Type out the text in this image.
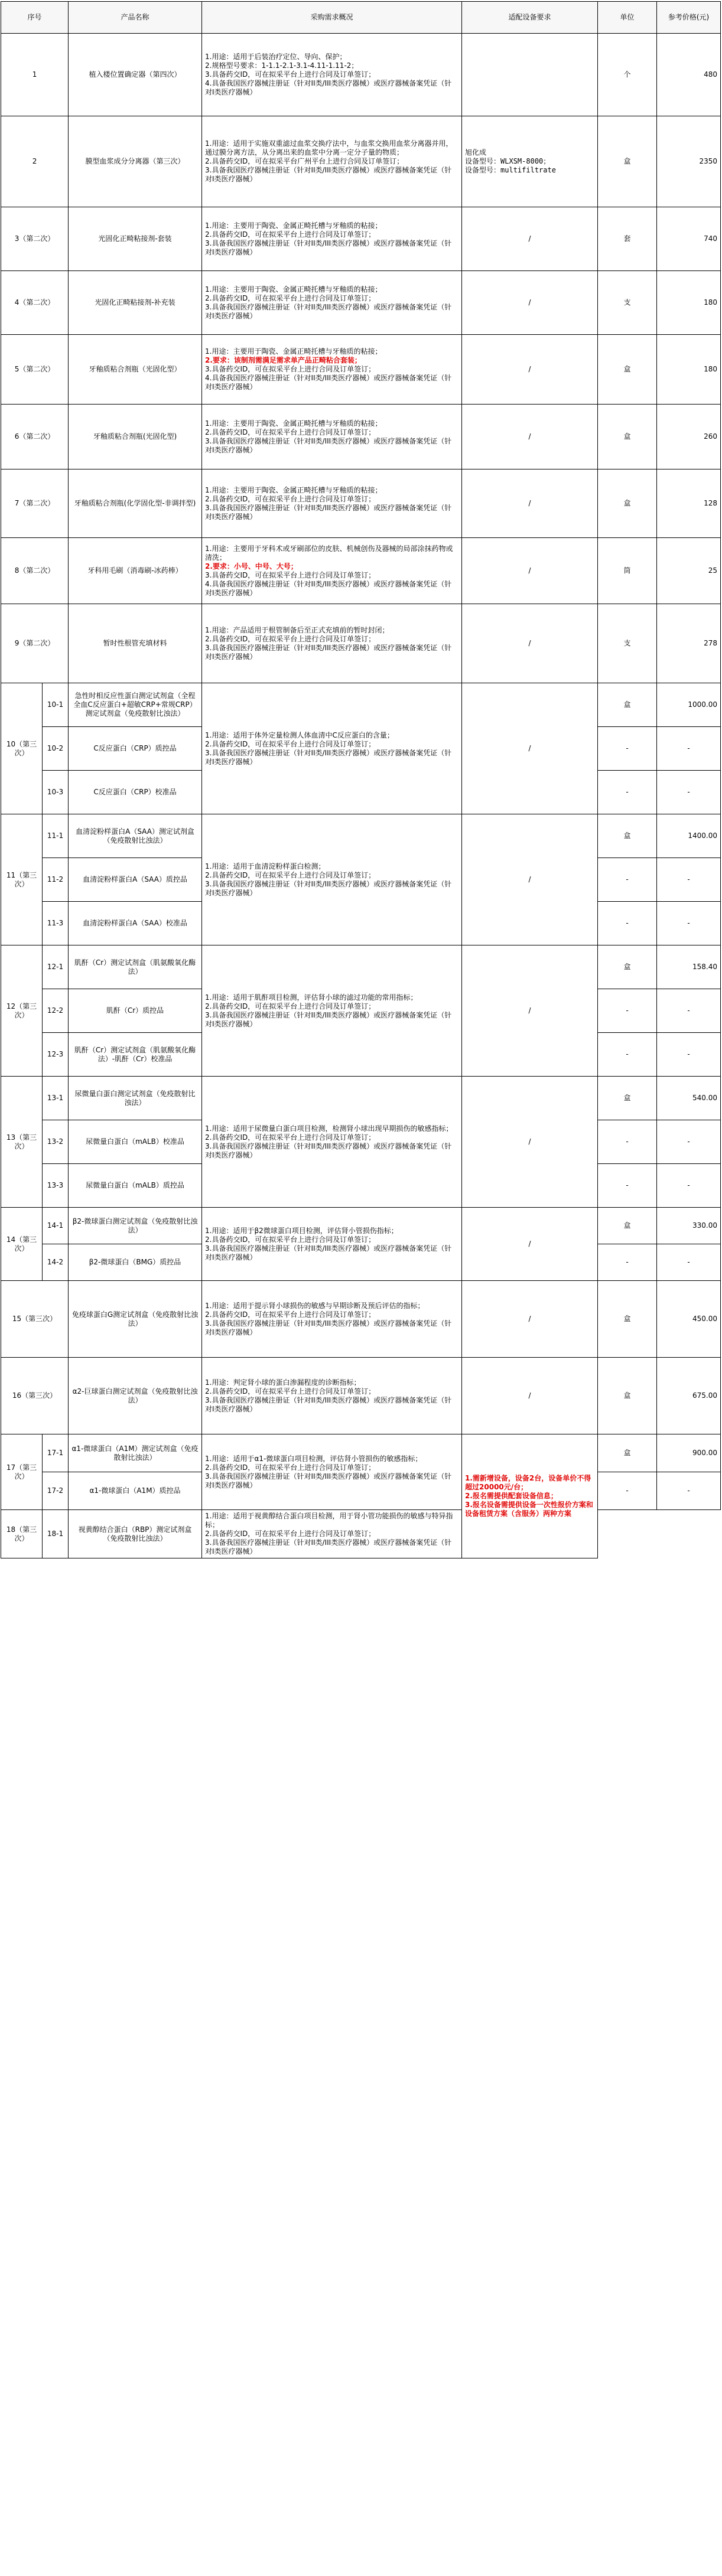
序号		产品名称	采购需求概况	适配设备要求	单位	参考价格(元)
1		植入楼位置确定器（第四次）	1.用途：适用于后装治疗定位、导向、保护；
2.规格型号要求：1-1.1-2.1-3.1-4.11-1.11-2；
3.具备药交ID，可在拟采平台上进行合同及订单签订；
4.具备我国医疗器械注册证（针对II类/III类医疗器械）或医疗器械备案凭证（针对I类医疗器械）		个	480
2		膜型血浆成分分离器（第三次）	1.用途：适用于实施双重滤过血浆交换疗法中，与血浆交换用血浆分离器并用，通过膜分离方法，从分离出来的血浆中分离一定分子量的物质；
2.具备药交ID，可在拟采平台广州平台上进行合同及订单签订；
3.具备我国医疗器械注册证（针对II类/III类医疗器械）或医疗器械备案凭证（针对I类医疗器械）	旭化成
设备型号：WLXSM-8000；
设备型号：multifiltrate	盒	2350
3（第二次）		光固化正畸粘接剂-套装	1.用途：主要用于陶瓷、金属正畸托槽与牙釉质的粘接；
2.具备药交ID，可在拟采平台上进行合同及订单签订；
3.具备我国医疗器械注册证（针对II类/III类医疗器械）或医疗器械备案凭证（针对I类医疗器械）	/	套	740
4（第二次）		光固化正畸粘接剂-补充装	1.用途：主要用于陶瓷、金属正畸托槽与牙釉质的粘接；
2.具备药交ID，可在拟采平台上进行合同及订单签订；
3.具备我国医疗器械注册证（针对II类/III类医疗器械）或医疗器械备案凭证（针对I类医疗器械）	/	支	180
5（第二次）		牙釉质粘合剂瓶（光固化型）	1.用途：主要用于陶瓷、金属正畸托槽与牙釉质的粘接；
2.要求：该制剂需满足需求单产品正畸粘合套装；
3.具备药交ID，可在拟采平台上进行合同及订单签订；
4.具备我国医疗器械注册证（针对II类/III类医疗器械）或医疗器械备案凭证（针对I类医疗器械）	/	盒	180
6（第二次）		牙釉质粘合剂瓶(光固化型)	1.用途：主要用于陶瓷、金属正畸托槽与牙釉质的粘接；
2.具备药交ID，可在拟采平台上进行合同及订单签订；
3.具备我国医疗器械注册证（针对II类/III类医疗器械）或医疗器械备案凭证（针对I类医疗器械）	/	盒	260
7（第二次）		牙釉质粘合剂瓶(化学固化型-非调拌型)	1.用途：主要用于陶瓷、金属正畸托槽与牙釉质的粘接；
2.具备药交ID，可在拟采平台上进行合同及订单签订；
3.具备我国医疗器械注册证（针对II类/III类医疗器械）或医疗器械备案凭证（针对I类医疗器械）	/	盒	128
8（第二次）		牙科用毛刷（消毒刷-冰药棒）	1.用途：主要用于牙科术或牙刷部位的皮肤、机械创伤及器械的局部涂抹药物或清洗；
2.要求：小号、中号、大号；
3.具备药交ID，可在拟采平台上进行合同及订单签订；
4.具备我国医疗器械注册证（针对II类/III类医疗器械）或医疗器械备案凭证（针对I类医疗器械）	/	筒	25
9（第二次）		暂时性根管充填材料	1.用途：产品适用于根管制备后至正式充填前的暂时封闭；
2.具备药交ID，可在拟采平台上进行合同及订单签订；
3.具备我国医疗器械注册证（针对II类/III类医疗器械）或医疗器械备案凭证（针对I类医疗器械）	/	支	278
10（第三次）	10-1	急性时相反应性蛋白测定试剂盒（全程全血C反应蛋白+超敏CRP+常规CRP）测定试剂盒（免疫散射比浊法）	1.用途：适用于体外定量检测人体血清中C反应蛋白的含量；
2.具备药交ID，可在拟采平台上进行合同及订单签订；
3.具备我国医疗器械注册证（针对II类/III类医疗器械）或医疗器械备案凭证（针对I类医疗器械）	/	盒	1000.00
	10-2	C反应蛋白（CRP）质控品			-	-
	10-3	C反应蛋白（CRP）校准品			-	-
11（第三次）	11-1	血清淀粉样蛋白A（SAA）测定试剂盒（免疫散射比浊法）	1.用途：适用于血清淀粉样蛋白检测；
2.具备药交ID，可在拟采平台上进行合同及订单签订；
3.具备我国医疗器械注册证（针对II类/III类医疗器械）或医疗器械备案凭证（针对I类医疗器械）	/	盒	1400.00
	11-2	血清淀粉样蛋白A（SAA）质控品			-	-
	11-3	血清淀粉样蛋白A（SAA）校准品			-	-
12（第三次）	12-1	肌酐（Cr）测定试剂盒（肌氨酸氧化酶法）	1.用途：适用于肌酐项目检测，评估肾小球的滤过功能的常用指标；
2.具备药交ID，可在拟采平台上进行合同及订单签订；
3.具备我国医疗器械注册证（针对II类/III类医疗器械）或医疗器械备案凭证（针对I类医疗器械）	/	盒	158.40
	12-2	肌酐（Cr）质控品			-	-
	12-3	肌酐（Cr）测定试剂盒（肌氨酸氧化酶法）-肌酐（Cr）校准品			-	-
13（第三次）	13-1	尿微量白蛋白测定试剂盒（免疫散射比浊法）	1.用途：适用于尿微量白蛋白项目检测，检测肾小球出现早期损伤的敏感指标；
2.具备药交ID，可在拟采平台上进行合同及订单签订；
3.具备我国医疗器械注册证（针对II类/III类医疗器械）或医疗器械备案凭证（针对I类医疗器械）	/	盒	540.00
	13-2	尿微量白蛋白（mALB）校准品			-	-
	13-3	尿微量白蛋白（mALB）质控品			-	-
14（第三次）	14-1	β2-微球蛋白测定试剂盒（免疫散射比浊法）	1.用途：适用于β2微球蛋白项目检测，评估肾小管损伤指标；
2.具备药交ID，可在拟采平台上进行合同及订单签订；
3.具备我国医疗器械注册证（针对II类/III类医疗器械）或医疗器械备案凭证（针对I类医疗器械）	/	盒	330.00
	14-2	β2-微球蛋白（BMG）质控品			-	-
15（第三次）		免疫球蛋白G测定试剂盒（免疫散射比浊法）	1.用途：适用于提示肾小球损伤的敏感与早期诊断及预后评估的指标；
2.具备药交ID，可在拟采平台上进行合同及订单签订；
3.具备我国医疗器械注册证（针对II类/III类医疗器械）或医疗器械备案凭证（针对I类医疗器械）	/	盒	450.00
16（第三次）		α2-巨球蛋白测定试剂盒（免疫散射比浊法）	1.用途：判定肾小球的蛋白渗漏程度的诊断指标；
2.具备药交ID，可在拟采平台上进行合同及订单签订；
3.具备我国医疗器械注册证（针对II类/III类医疗器械）或医疗器械备案凭证（针对I类医疗器械）	/	盒	675.00
17（第三次）	17-1	α1-微球蛋白（A1M）测定试剂盒（免疫散射比浊法）	1.用途：适用于α1-微球蛋白项目检测，评估肾小管损伤的敏感指标；
2.具备药交ID，可在拟采平台上进行合同及订单签订；
3.具备我国医疗器械注册证（针对II类/III类医疗器械）或医疗器械备案凭证（针对I类医疗器械）	1.需新增设备，设备2台，设备单价不得超过20000元/台；
2.报名需提供配套设备信息；
3.报名设备需提供设备一次性报价方案和设备租赁方案（含服务）两种方案	盒	900.00
	17-2	α1-微球蛋白（A1M）质控品			-	-
18（第三次）	18-1	视黄醇结合蛋白（RBP）测定试剂盒（免疫散射比浊法）	1.用途：适用于视黄醇结合蛋白项目检测，用于肾小管功能损伤的敏感与特异指标；
2.具备药交ID，可在拟采平台上进行合同及订单签订；
3.具备我国医疗器械注册证（针对II类/III类医疗器械）或医疗器械备案凭证（针对I类医疗器械）			
